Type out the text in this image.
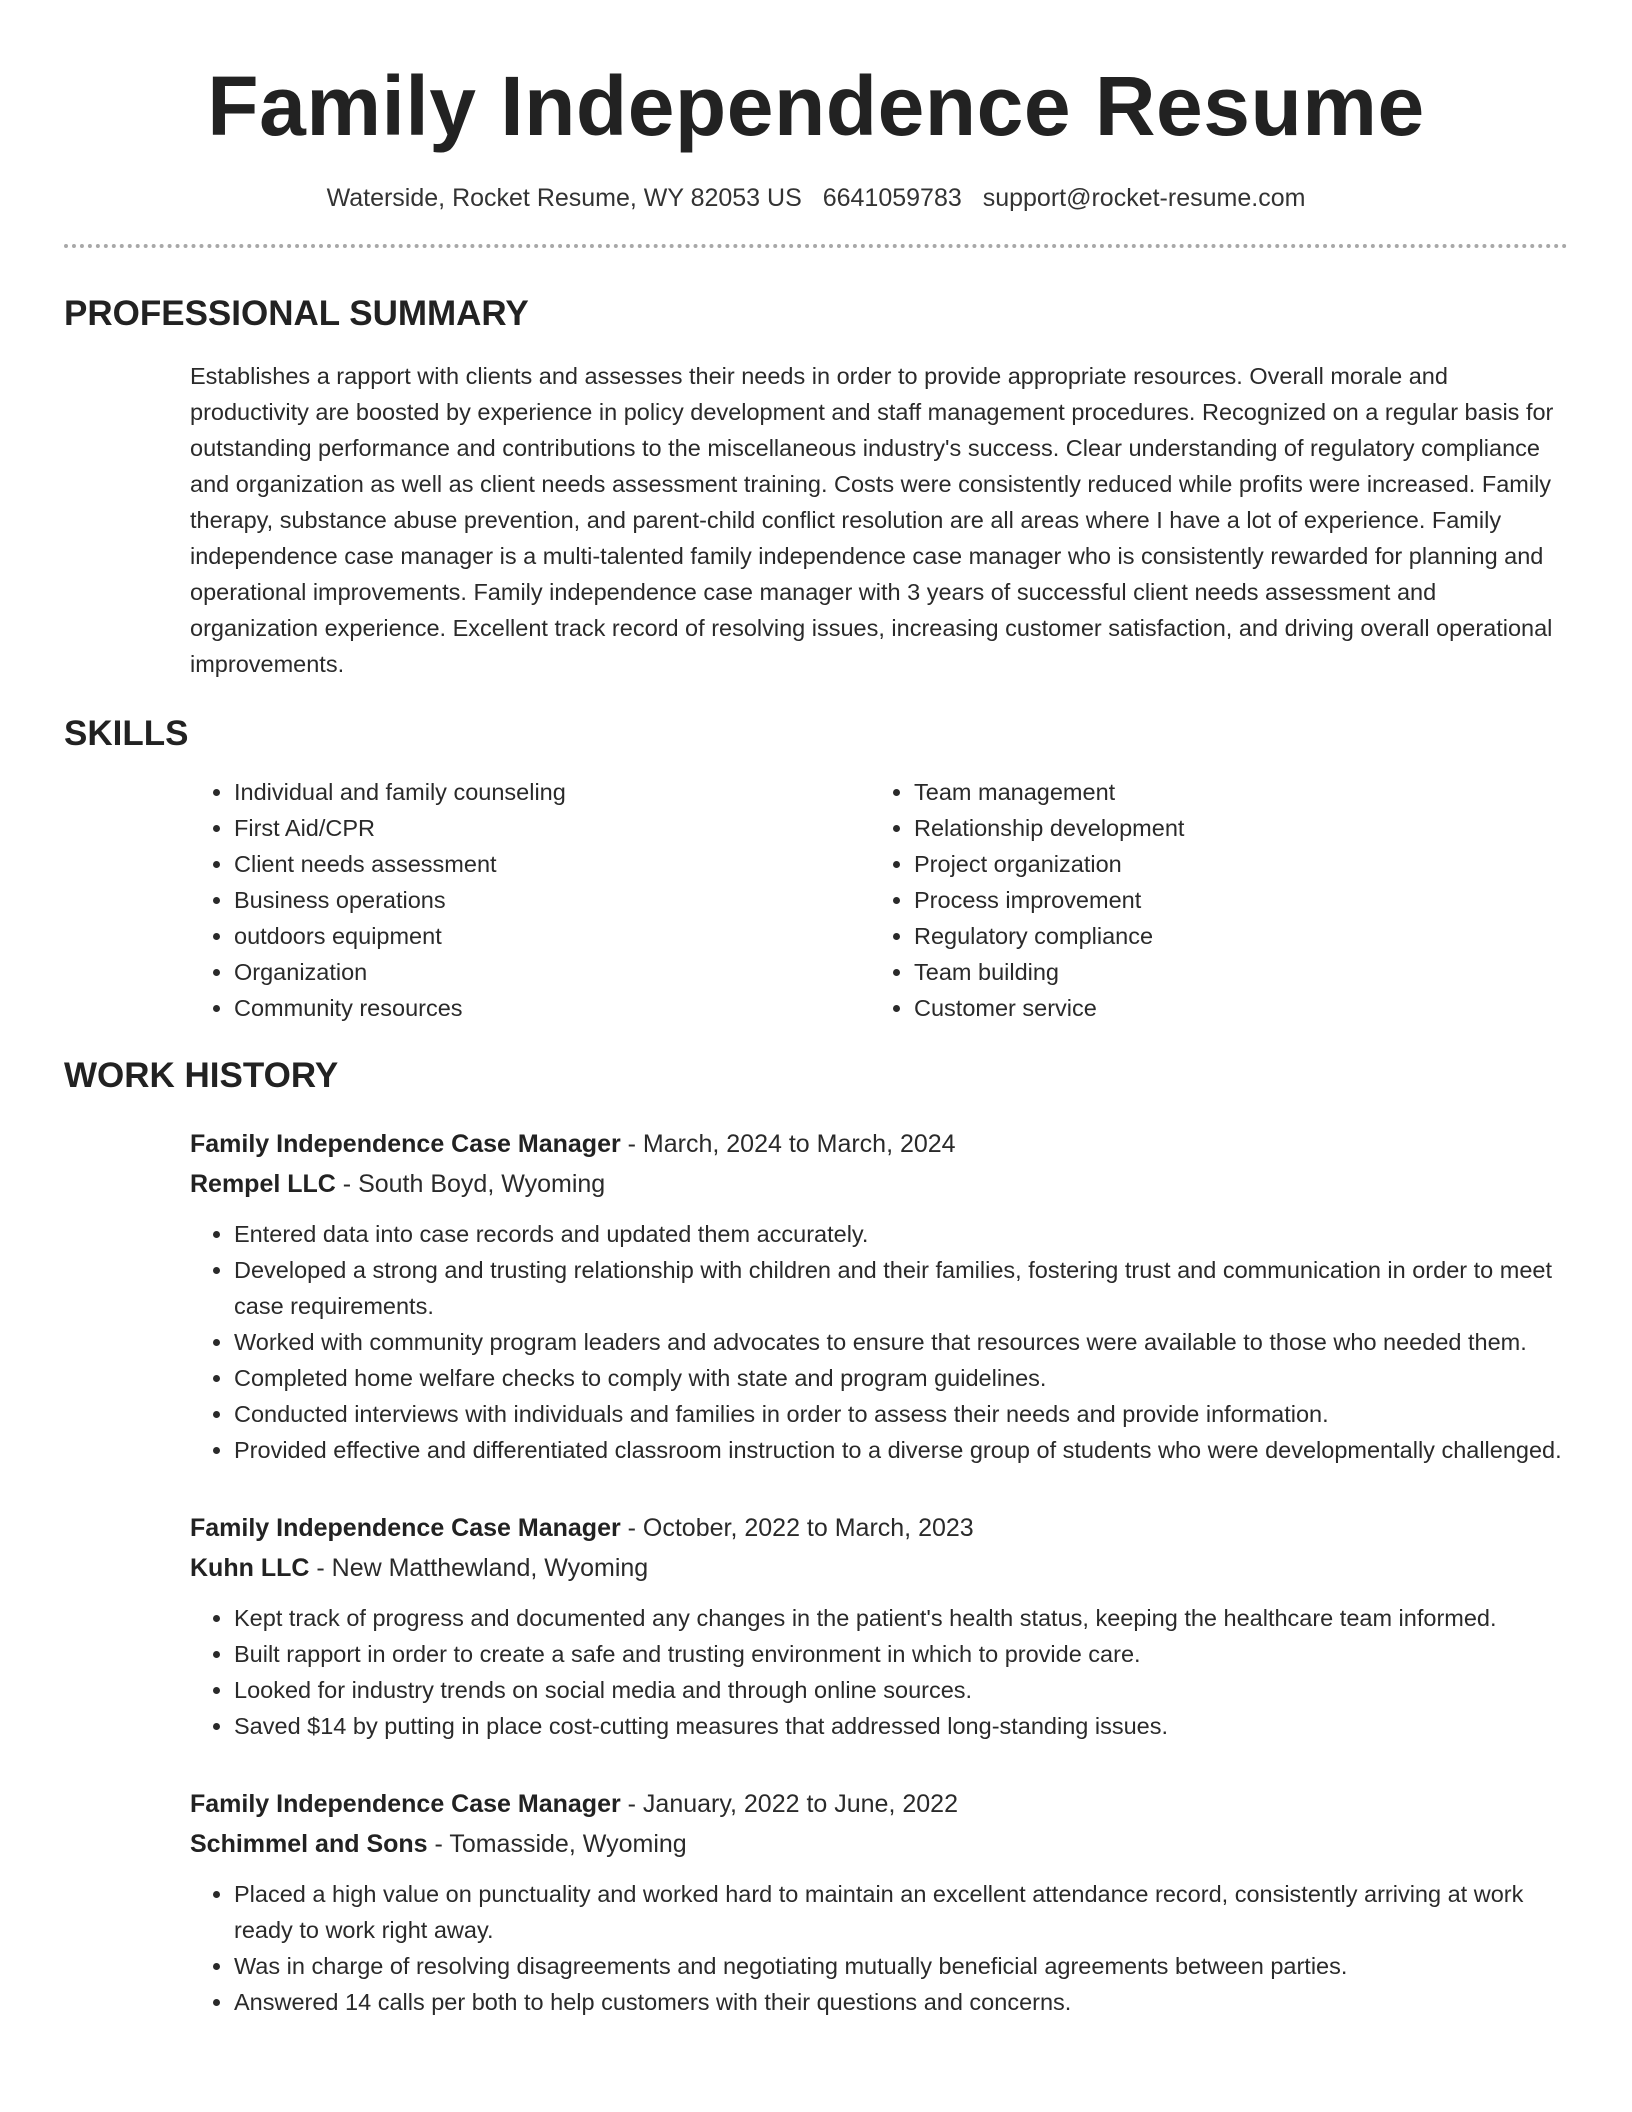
Family Independence Resume
Waterside, Rocket Resume, WY 82053 US 6641059783 support@rocket-resume.com
PROFESSIONAL SUMMARY

Establishes a rapport with clients and assesses their needs in order to provide appropriate resources. Overall morale and productivity are boosted by experience in policy development and staff management procedures. Recognized on a regular basis for outstanding performance and contributions to the miscellaneous industry's success. Clear understanding of regulatory compliance and organization as well as client needs assessment training. Costs were consistently reduced while profits were increased. Family therapy, substance abuse prevention, and parent-child conflict resolution are all areas where I have a lot of experience. Family independence case manager is a multi-talented family independence case manager who is consistently rewarded for planning and operational improvements. Family independence case manager with 3 years of successful client needs assessment and organization experience. Excellent track record of resolving issues, increasing customer satisfaction, and driving overall operational improvements.

SKILLS
• Individual and family counseling
• First Aid/CPR
• Client needs assessment
• Business operations
• outdoors equipment
• Organization
• Community resources
• Team management
• Relationship development
• Project organization
• Process improvement
• Regulatory compliance
• Team building
• Customer service
WORK HISTORY
Family Independence Case Manager - March, 2024 to March, 2024
Rempel LLC - South Boyd, Wyoming
• Entered data into case records and updated them accurately.
• Developed a strong and trusting relationship with children and their families, fostering trust and communication in order to meet case requirements.
• Worked with community program leaders and advocates to ensure that resources were available to those who needed them.
• Completed home welfare checks to comply with state and program guidelines.
• Conducted interviews with individuals and families in order to assess their needs and provide information.
• Provided effective and differentiated classroom instruction to a diverse group of students who were developmentally challenged.
Family Independence Case Manager - October, 2022 to March, 2023
Kuhn LLC - New Matthewland, Wyoming
• Kept track of progress and documented any changes in the patient's health status, keeping the healthcare team informed.
• Built rapport in order to create a safe and trusting environment in which to provide care.
• Looked for industry trends on social media and through online sources.
• Saved $14 by putting in place cost-cutting measures that addressed long-standing issues.
Family Independence Case Manager - January, 2022 to June, 2022
Schimmel and Sons - Tomasside, Wyoming
• Placed a high value on punctuality and worked hard to maintain an excellent attendance record, consistently arriving at work ready to work right away.
• Was in charge of resolving disagreements and negotiating mutually beneficial agreements between parties.
• Answered 14 calls per both to help customers with their questions and concerns.
